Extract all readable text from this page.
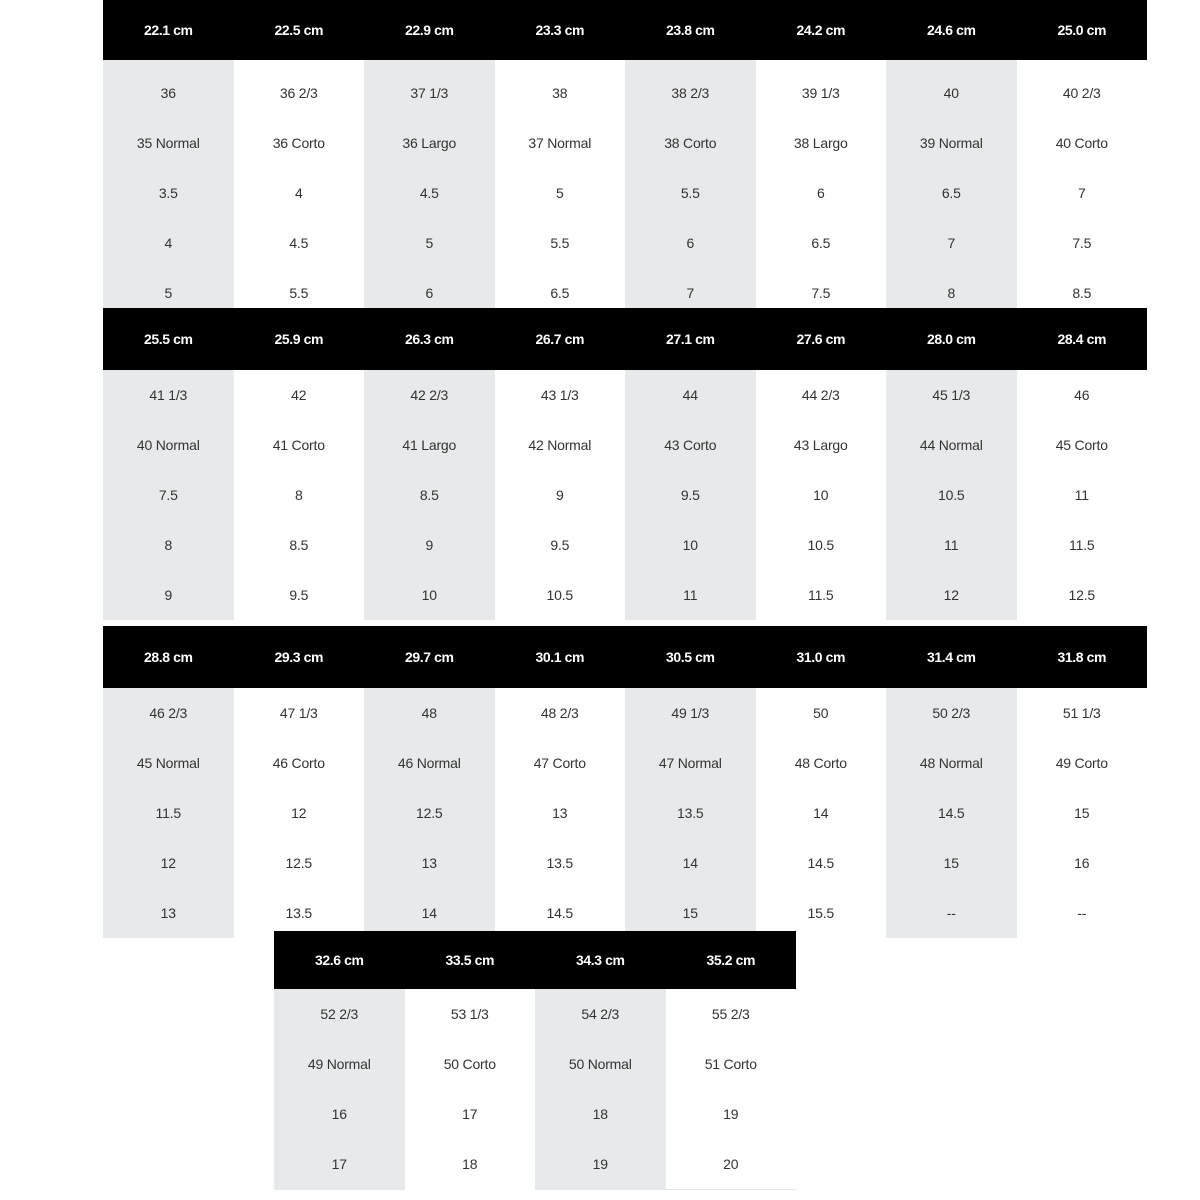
22.1 cm
36
35 Normal
3.5
4
5
22.5 cm
36 2/3
36 Corto
4
4.5
5.5
22.9 cm
37 1/3
36 Largo
4.5
5
6
23.3 cm
38
37 Normal
5
5.5
6.5
23.8 cm
38 2/3
38 Corto
5.5
6
7
24.2 cm
39 1/3
38 Largo
6
6.5
7.5
24.6 cm
40
39 Normal
6.5
7
8
25.0 cm
40 2/3
40 Corto
7
7.5
8.5
25.5 cm
41 1/3
40 Normal
7.5
8
9
25.9 cm
42
41 Corto
8
8.5
9.5
26.3 cm
42 2/3
41 Largo
8.5
9
10
26.7 cm
43 1/3
42 Normal
9
9.5
10.5
27.1 cm
44
43 Corto
9.5
10
11
27.6 cm
44 2/3
43 Largo
10
10.5
11.5
28.0 cm
45 1/3
44 Normal
10.5
11
12
28.4 cm
46
45 Corto
11
11.5
12.5
28.8 cm
46 2/3
45 Normal
11.5
12
13
29.3 cm
47 1/3
46 Corto
12
12.5
13.5
29.7 cm
48
46 Normal
12.5
13
14
30.1 cm
48 2/3
47 Corto
13
13.5
14.5
30.5 cm
49 1/3
47 Normal
13.5
14
15
31.0 cm
50
48 Corto
14
14.5
15.5
31.4 cm
50 2/3
48 Normal
14.5
15
--
31.8 cm
51 1/3
49 Corto
15
16
--
32.6 cm
52 2/3
49 Normal
16
17
33.5 cm
53 1/3
50 Corto
17
18
34.3 cm
54 2/3
50 Normal
18
19
35.2 cm
55 2/3
51 Corto
19
20
